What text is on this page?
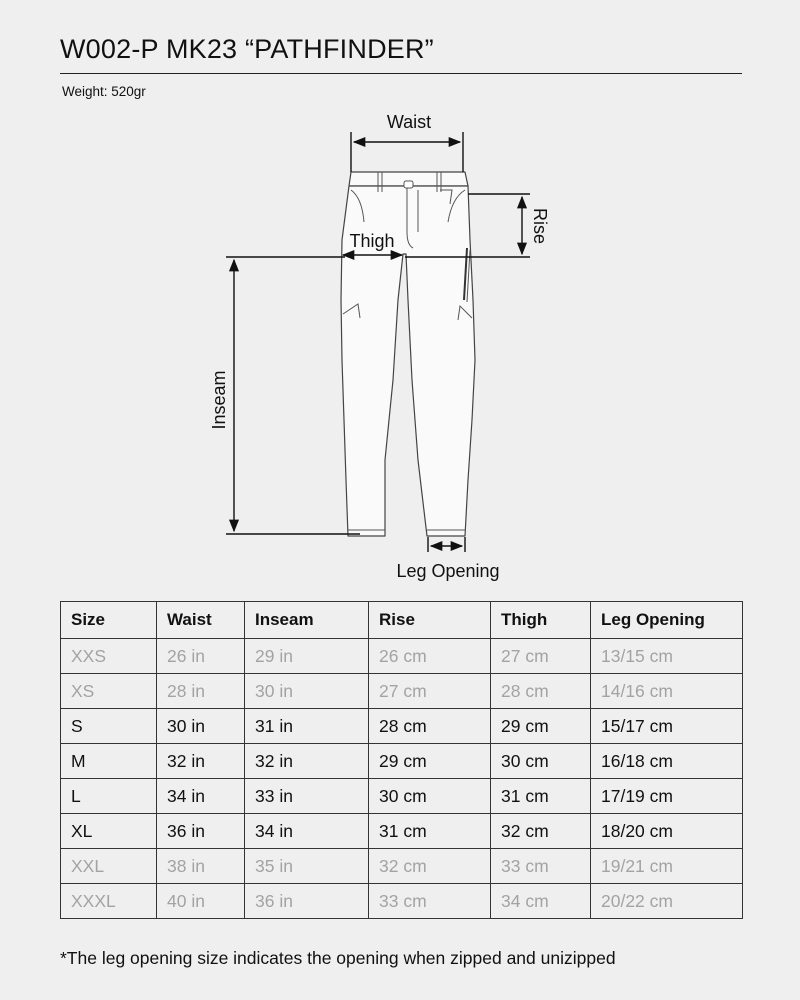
W002-P MK23 “PATHFINDER”
Weight: 520gr
Waist
Rise
Thigh
Inseam
Leg Opening
Size	Waist	Inseam	Rise	Thigh	Leg Opening
XXS	26 in	29 in	26 cm	27 cm	13/15 cm
XS	28 in	30 in	27 cm	28 cm	14/16 cm
S	30 in	31 in	28 cm	29 cm	15/17 cm
M	32 in	32 in	29 cm	30 cm	16/18 cm
L	34 in	33 in	30 cm	31 cm	17/19 cm
XL	36 in	34 in	31 cm	32 cm	18/20 cm
XXL	38 in	35 in	32 cm	33 cm	19/21 cm
XXXL	40 in	36 in	33 cm	34 cm	20/22 cm
*The leg opening size indicates the opening when zipped and unizipped
